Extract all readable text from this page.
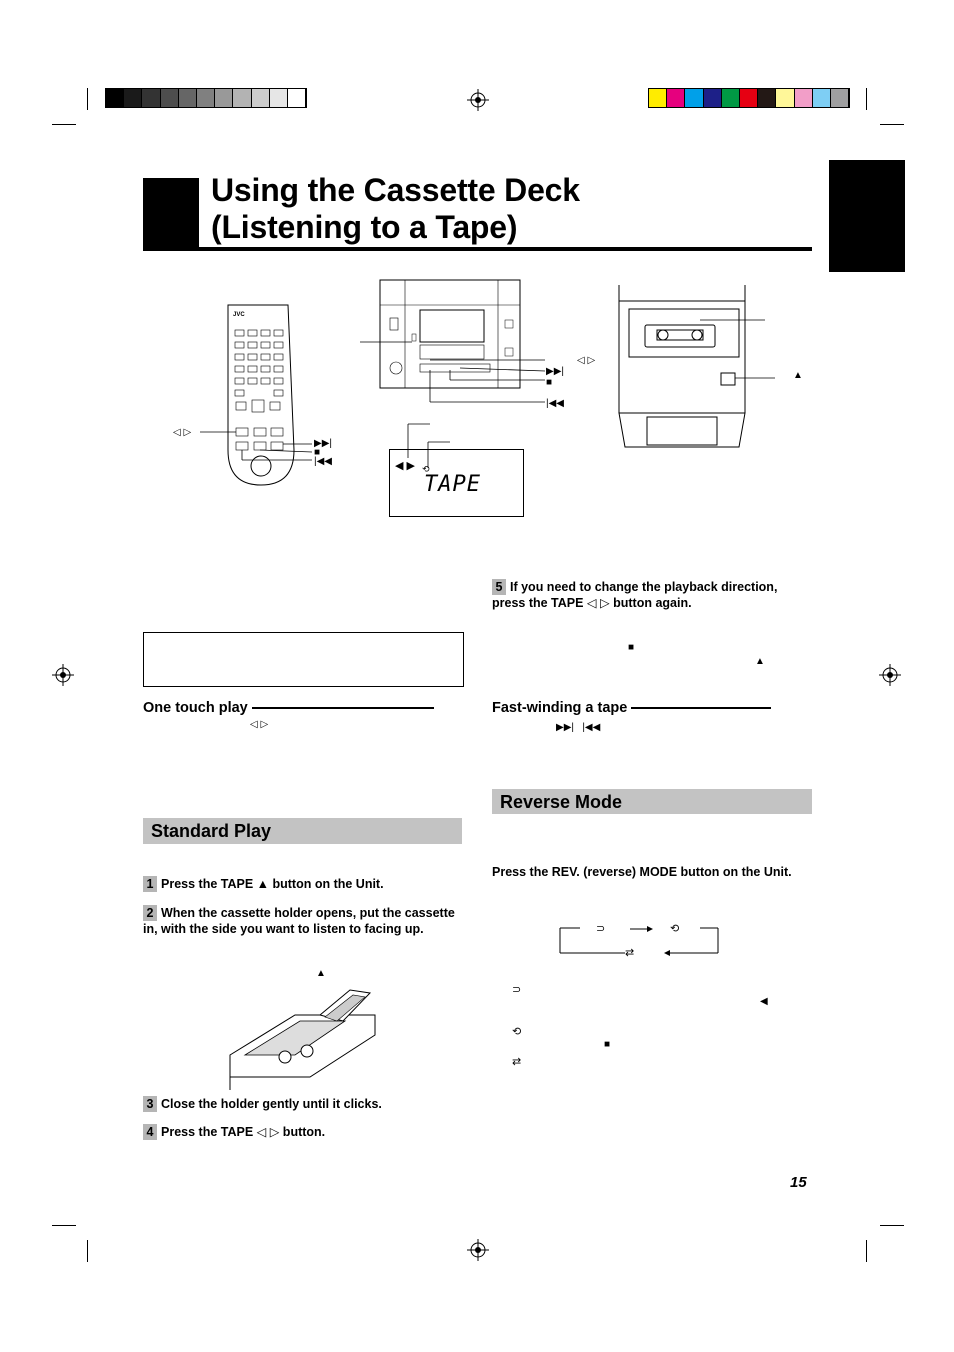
Using the Cassette Deck
(Listening to a Tape)
JVC
◁ ▷
▶▶|
■
|◀◀
◁ ▷
▶▶|
■
|◀◀
◀ ▶ ⟲
TAPE
▲
One touch play
◁ ▷
Standard Play
1 Press the TAPE ▲ button on the Unit.
2 When the cassette holder opens, put the cassette in, with the side you want to listen to facing up.
▲
3 Close the holder gently until it clicks.
4 Press the TAPE ◁ ▷ button.
5 If you need to change the playback direction, press the TAPE ◁ ▷ button again.
■
▲
Fast-winding a tape
▶▶|   |◀◀
Reverse Mode
Press the REV. (reverse) MODE button on the Unit.
⊃	⟲
⇄
⊃
◀
⟲
■
⇄
15
